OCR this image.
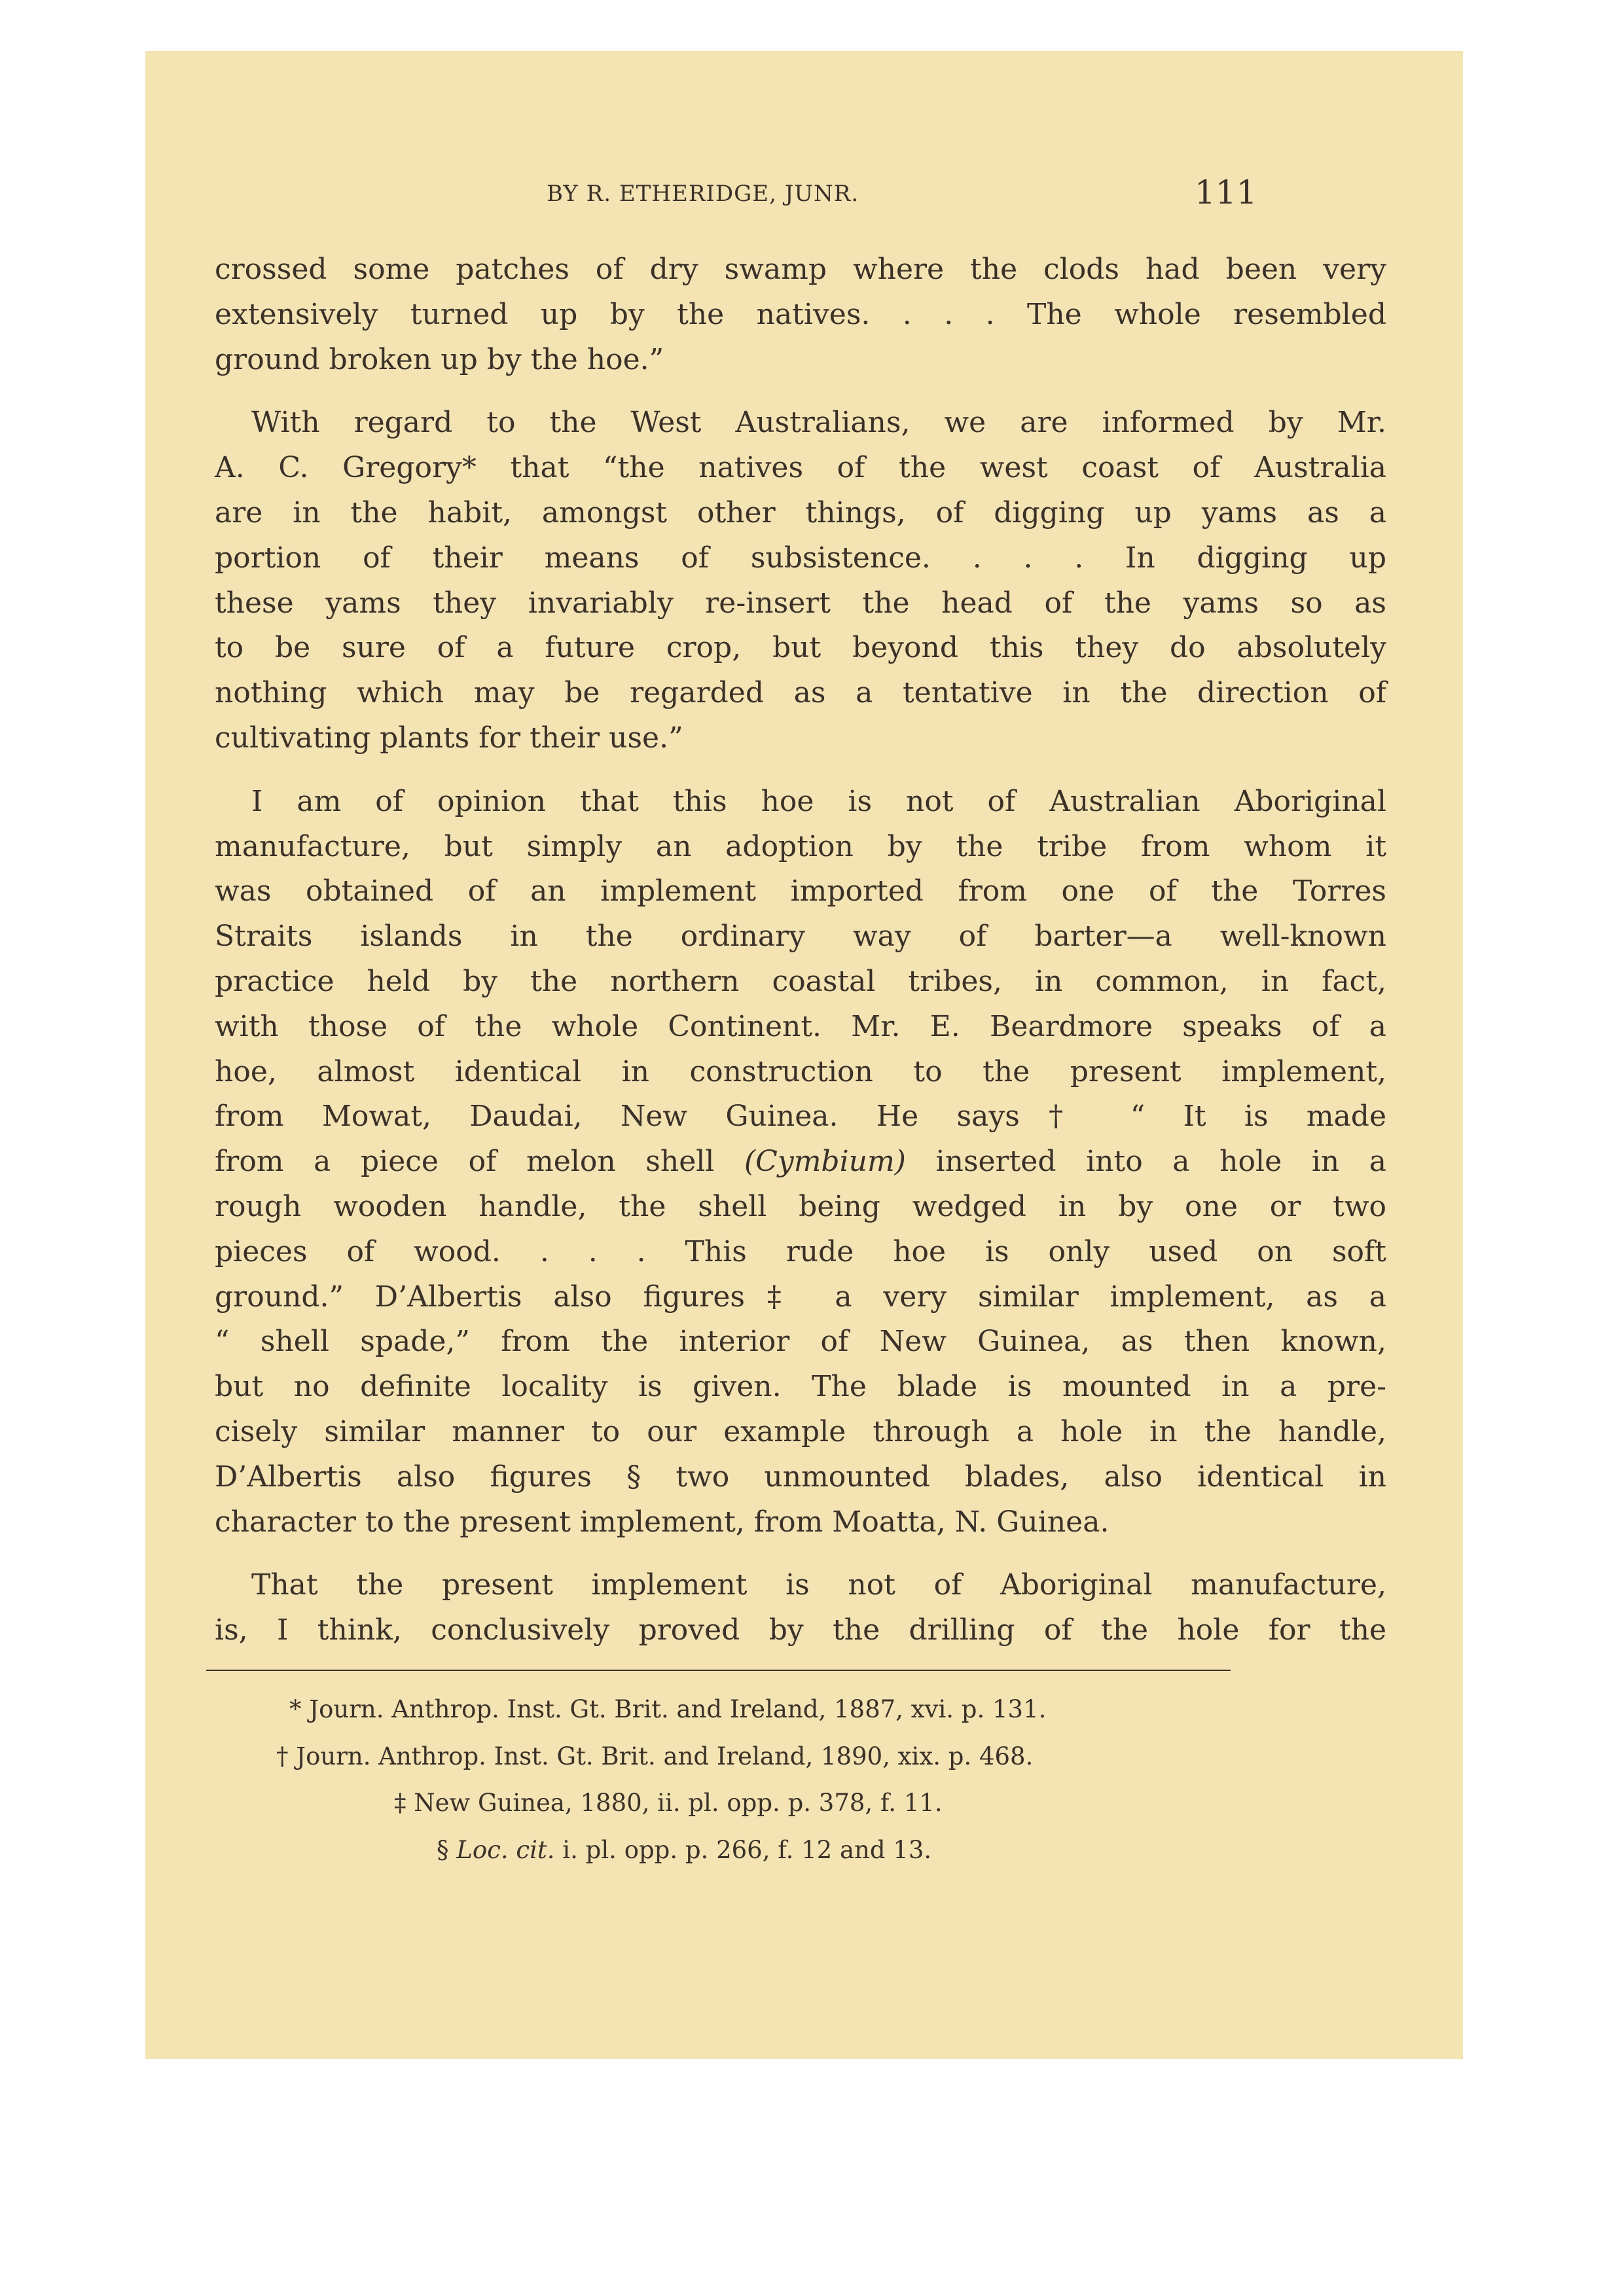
BY R. ETHERIDGE, JUNR.	111
crossed some patches of dry swamp where the clods had been very
extensively turned up by the natives. . . . The whole resembled
ground broken up by the hoe.”
With regard to the West Australians, we are informed by Mr.
A. C. Gregory* that “the natives of the west coast of Australia
are in the habit, amongst other things, of digging up yams as a
portion of their means of subsistence. . . . In digging up
these yams they invariably re-insert the head of the yams so as
to be sure of a future crop, but beyond this they do absolutely
nothing which may be regarded as a tentative in the direction of
cultivating plants for their use.”
I am of opinion that this hoe is not of Australian Aboriginal
manufacture, but simply an adoption by the tribe from whom it
was obtained of an implement imported from one of the Torres
Straits islands in the ordinary way of barter—a well-known
practice held by the northern coastal tribes, in common, in fact,
with those of the whole Continent. Mr. E. Beardmore speaks of a
hoe, almost identical in construction to the present implement,
from Mowat, Daudai, New Guinea. He says† “ It is made
from a piece of melon shell (Cymbium) inserted into a hole in a
rough wooden handle, the shell being wedged in by one or two
pieces of wood. . . . This rude hoe is only used on soft
ground.” D’Albertis also figures‡ a very similar implement, as a
“ shell spade,” from the interior of New Guinea, as then known,
but no definite locality is given. The blade is mounted in a pre-
cisely similar manner to our example through a hole in the handle,
D’Albertis also figures § two unmounted blades, also identical in
character to the present implement, from Moatta, N. Guinea.
That the present implement is not of Aboriginal manufacture,
is, I think, conclusively proved by the drilling of the hole for the
* Journ. Anthrop. Inst. Gt. Brit. and Ireland, 1887, xvi. p. 131.
† Journ. Anthrop. Inst. Gt. Brit. and Ireland, 1890, xix. p. 468.
‡ New Guinea, 1880, ii. pl. opp. p. 378, f. 11.
§ Loc. cit. i. pl. opp. p. 266, f. 12 and 13.
